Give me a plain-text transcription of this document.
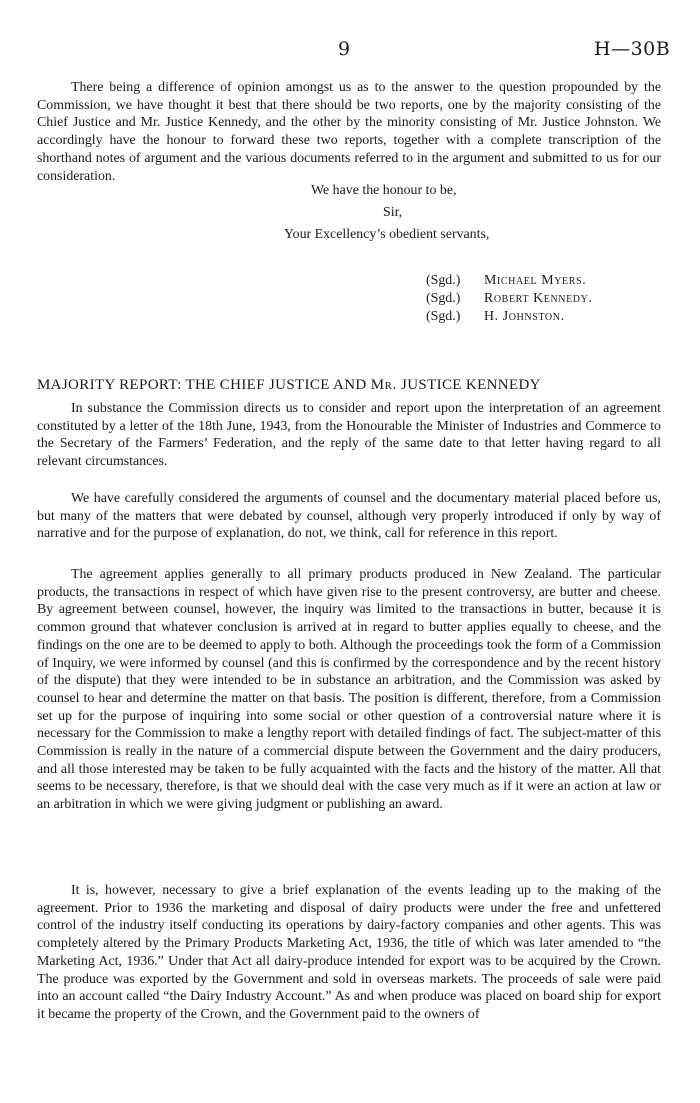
9	H—30B

There being a difference of opinion amongst us as to the answer to the question propounded by the Commission, we have thought it best that there should be two reports, one by the majority consisting of the Chief Justice and Mr. Justice Kennedy, and the other by the minority consisting of Mr. Justice Johnston. We accordingly have the honour to forward these two reports, together with a complete transcription of the shorthand notes of argument and the various documents referred to in the argument and submitted to us for our consideration.

We have the honour to be,
Sir,
Your Excellency’s obedient servants,
(Sgd.) Michael Myers.
(Sgd.) Robert Kennedy.
(Sgd.) H. Johnston.
MAJORITY REPORT: THE CHIEF JUSTICE AND Mr. JUSTICE KENNEDY

In substance the Commission directs us to consider and report upon the interpretation of an agreement constituted by a letter of the 18th June, 1943, from the Honourable the Minister of Industries and Commerce to the Secretary of the Farmers’ Federation, and the reply of the same date to that letter having regard to all relevant circumstances.

We have carefully considered the arguments of counsel and the documentary material placed before us, but many of the matters that were debated by counsel, although very properly introduced if only by way of narrative and for the purpose of explanation, do not, we think, call for reference in this report.

The agreement applies generally to all primary products produced in New Zealand. The particular products, the transactions in respect of which have given rise to the present controversy, are butter and cheese. By agreement between counsel, however, the inquiry was limited to the transactions in butter, because it is common ground that whatever conclusion is arrived at in regard to butter applies equally to cheese, and the findings on the one are to be deemed to apply to both. Although the proceedings took the form of a Commission of Inquiry, we were informed by counsel (and this is confirmed by the correspondence and by the recent history of the dispute) that they were intended to be in substance an arbitration, and the Commission was asked by counsel to hear and determine the matter on that basis. The position is different, therefore, from a Commission set up for the purpose of inquiring into some social or other question of a controversial nature where it is necessary for the Commission to make a lengthy report with detailed findings of fact. The subject-matter of this Commission is really in the nature of a commercial dispute between the Government and the dairy producers, and all those interested may be taken to be fully acquainted with the facts and the history of the matter. All that seems to be necessary, therefore, is that we should deal with the case very much as if it were an action at law or an arbitration in which we were giving judgment or publishing an award.

It is, however, necessary to give a brief explanation of the events leading up to the making of the agreement. Prior to 1936 the marketing and disposal of dairy products were under the free and unfettered control of the industry itself conducting its operations by dairy-factory companies and other agents. This was completely altered by the Primary Products Marketing Act, 1936, the title of which was later amended to “the Marketing Act, 1936.” Under that Act all dairy-produce intended for export was to be acquired by the Crown. The produce was exported by the Government and sold in overseas markets. The proceeds of sale were paid into an account called “the Dairy Industry Account.” As and when produce was placed on board ship for export it became the property of the Crown, and the Government paid to the owners of
